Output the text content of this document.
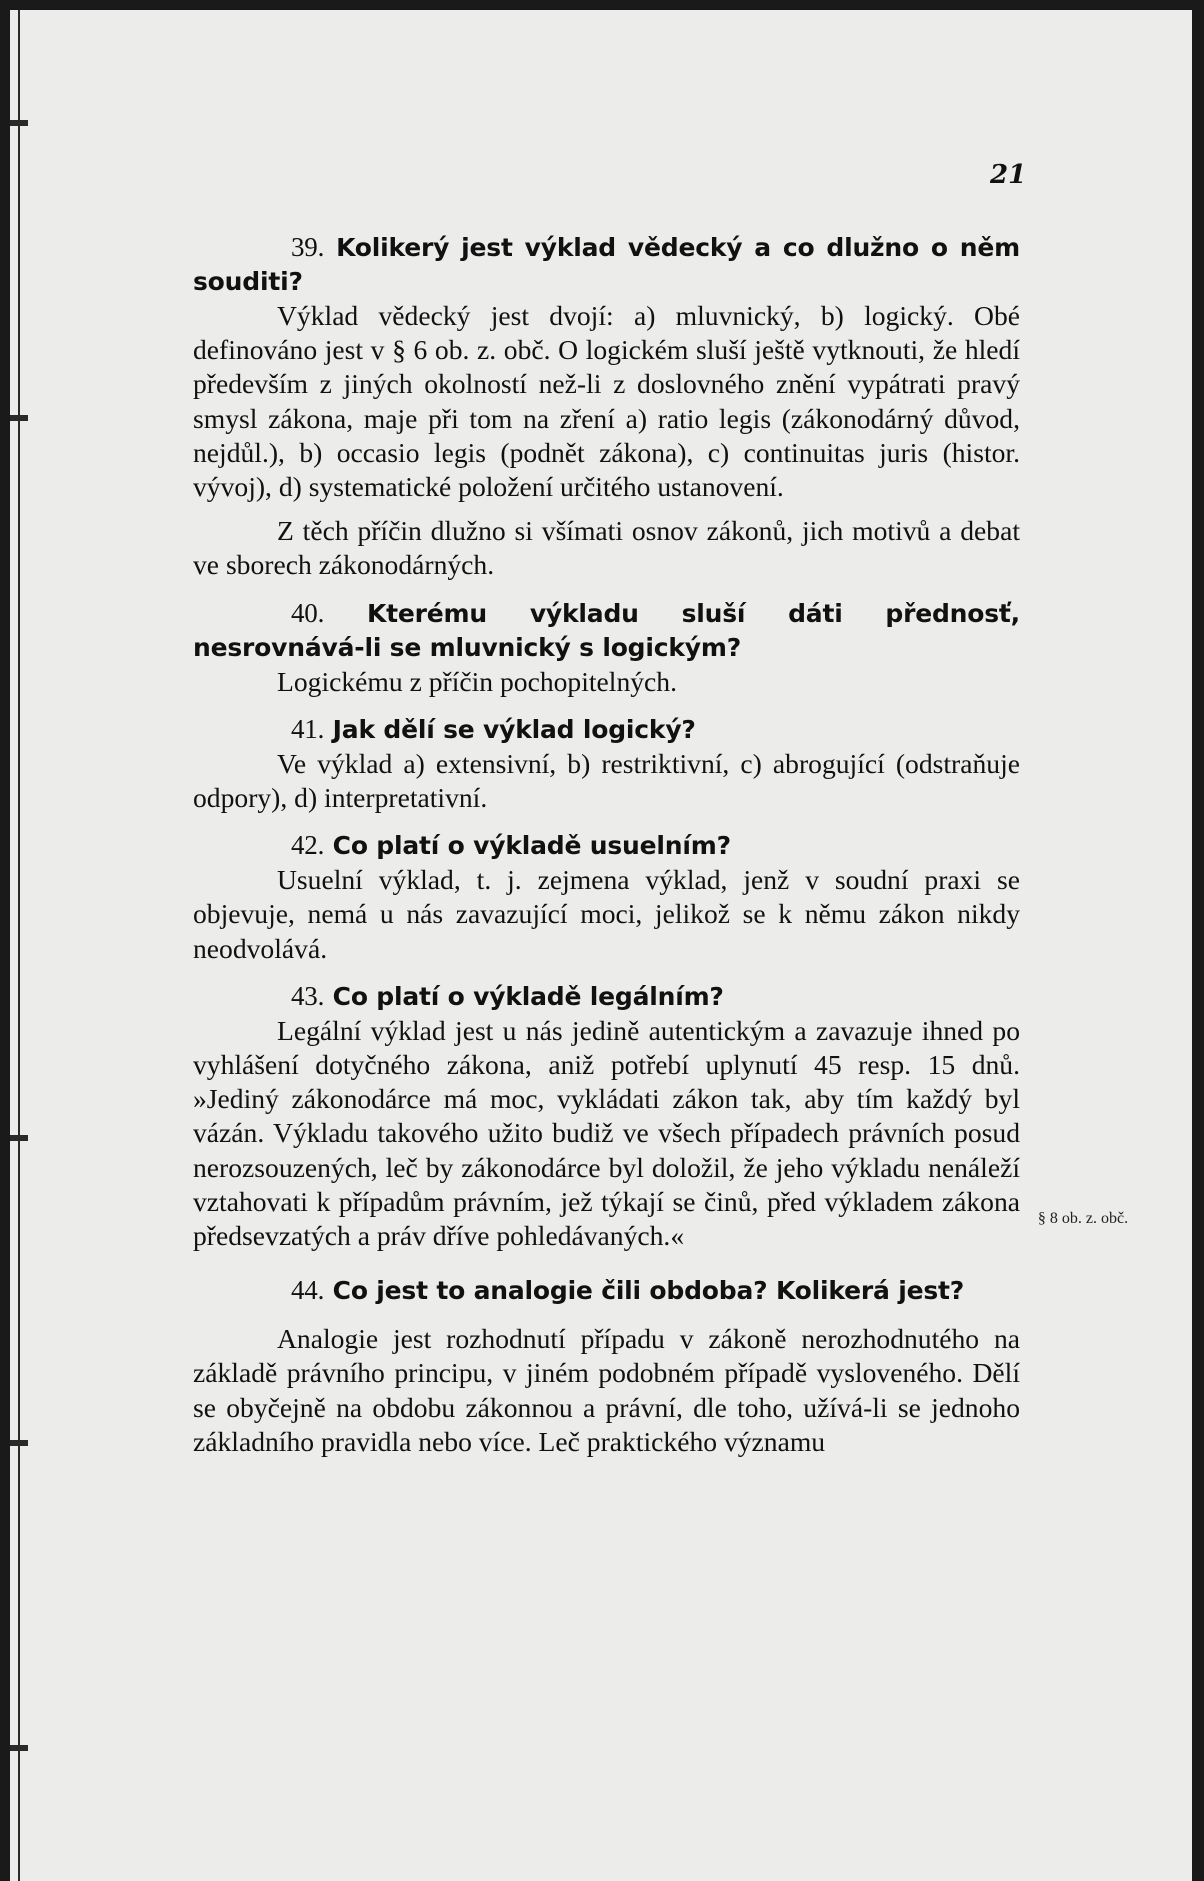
21

39. Kolikerý jest výklad vědecký a co dlužno o něm souditi?

Výklad vědecký jest dvojí: a) mluvnický, b) logický. Obé definováno jest v § 6 ob. z. obč. O logickém sluší ještě vytknouti, že hledí především z jiných okolností než-li z doslovného znění vypátrati pravý smysl zákona, maje při tom na zření a) ratio legis (zákonodárný důvod, nejdůl.), b) occasio legis (podnět zákona), c) continuitas juris (histor. vývoj), d) systematické položení určitého ustanovení.

Z těch příčin dlužno si všímati osnov zákonů, jich motivů a debat ve sborech zákonodárných.

40. Kterému výkladu sluší dáti přednosť, nesrovnává-li se mluvnický s logickým?

Logickému z příčin pochopitelných.

41. Jak dělí se výklad logický?

Ve výklad a) extensivní, b) restriktivní, c) abrogující (odstraňuje odpory), d) interpretativní.

42. Co platí o výkladě usuelním?

Usuelní výklad, t. j. zejmena výklad, jenž v soudní praxi se objevuje, nemá u nás zavazující moci, jelikož se k němu zákon nikdy neodvolává.

43. Co platí o výkladě legálním?

Legální výklad jest u nás jedině autentickým a zavazuje ihned po vyhlášení dotyčného zákona, aniž potřebí uplynutí 45 resp. 15 dnů. »Jediný zákonodárce má moc, vykládati zákon tak, aby tím každý byl vázán. Výkladu takového užito budiž ve všech případech právních posud nerozsouzených, leč by zákonodárce byl doložil, že jeho výkladu nenáleží vztahovati k případům právním, jež týkají se činů, před výkladem zákona předsevzatých a práv dříve pohledávaných.«

44. Co jest to analogie čili obdoba? Kolikerá jest?

Analogie jest rozhodnutí případu v zákoně nerozhodnutého na základě právního principu, v jiném podobném případě vysloveného. Dělí se obyčejně na obdobu zákonnou a právní, dle toho, užívá-li se jednoho základního pravidla nebo více. Leč praktického významu

§ 8 ob. z. obč.
